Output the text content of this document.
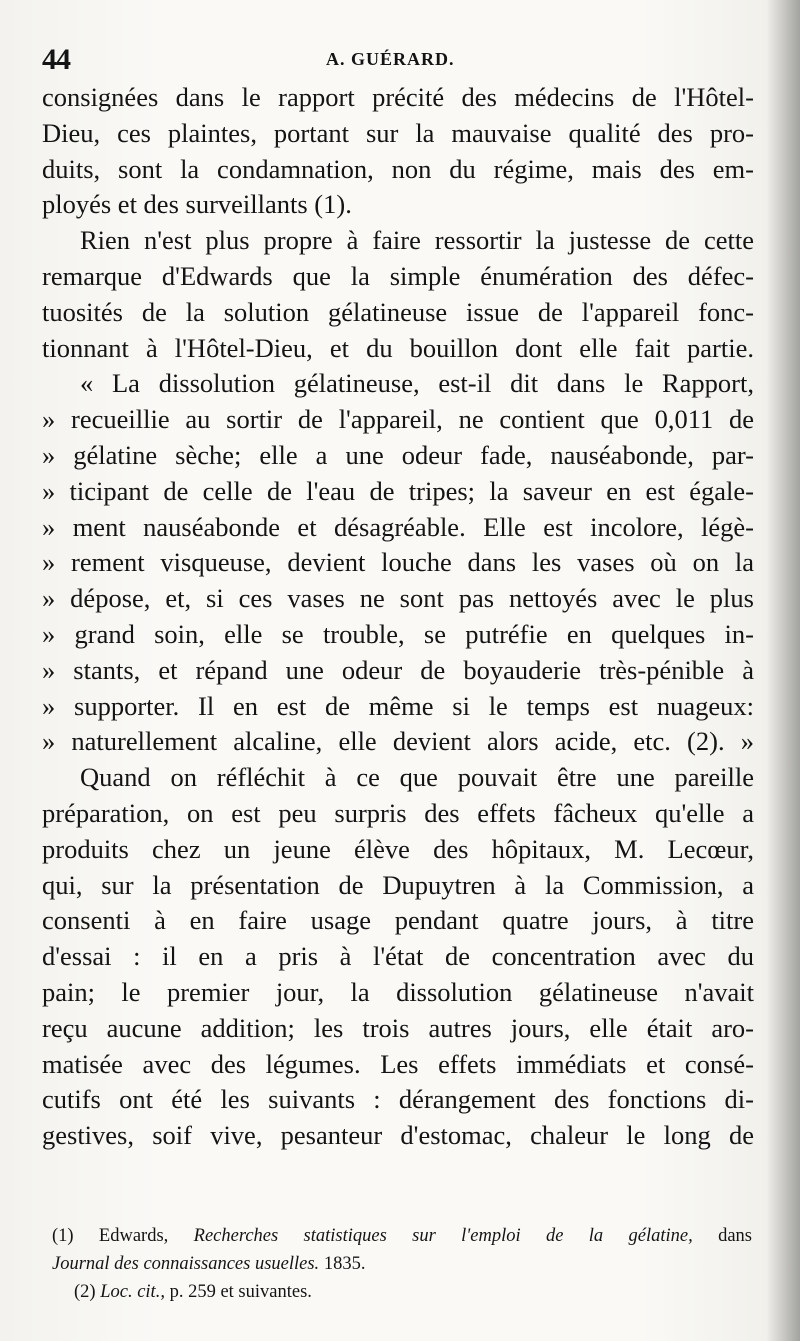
44	A. GUÉRARD.
consignées dans le rapport précité des médecins de l'Hôtel-
Dieu, ces plaintes, portant sur la mauvaise qualité des pro-
duits, sont la condamnation, non du régime, mais des em-
ployés et des surveillants (1).
Rien n'est plus propre à faire ressortir la justesse de cette
remarque d'Edwards que la simple énumération des défec-
tuosités de la solution gélatineuse issue de l'appareil fonc-
tionnant à l'Hôtel-Dieu, et du bouillon dont elle fait partie.
« La dissolution gélatineuse, est-il dit dans le Rapport,
» recueillie au sortir de l'appareil, ne contient que 0,011 de
» gélatine sèche; elle a une odeur fade, nauséabonde, par-
» ticipant de celle de l'eau de tripes; la saveur en est égale-
» ment nauséabonde et désagréable. Elle est incolore, légè-
» rement visqueuse, devient louche dans les vases où on la
» dépose, et, si ces vases ne sont pas nettoyés avec le plus
» grand soin, elle se trouble, se putréfie en quelques in-
» stants, et répand une odeur de boyauderie très-pénible à
» supporter. Il en est de même si le temps est nuageux:
» naturellement alcaline, elle devient alors acide, etc. (2). »
Quand on réfléchit à ce que pouvait être une pareille
préparation, on est peu surpris des effets fâcheux qu'elle a
produits chez un jeune élève des hôpitaux, M. Lecœur,
qui, sur la présentation de Dupuytren à la Commission, a
consenti à en faire usage pendant quatre jours, à titre
d'essai : il en a pris à l'état de concentration avec du
pain; le premier jour, la dissolution gélatineuse n'avait
reçu aucune addition; les trois autres jours, elle était aro-
matisée avec des légumes. Les effets immédiats et consé-
cutifs ont été les suivants : dérangement des fonctions di-
gestives, soif vive, pesanteur d'estomac, chaleur le long de
(1) Edwards, Recherches statistiques sur l'emploi de la gélatine, dans
Journal des connaissances usuelles. 1835.
(2) Loc. cit., p. 259 et suivantes.
